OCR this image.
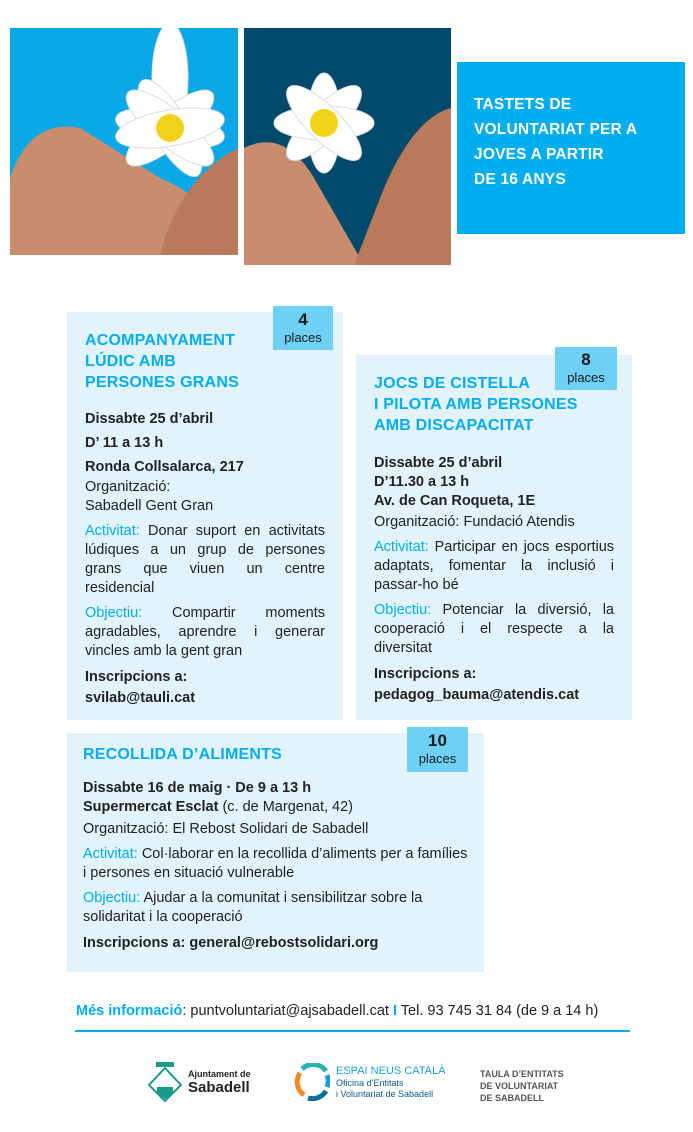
TASTETS DE
VOLUNTARIAT PER A
JOVES A PARTIR
DE 16 ANYS
ACOMPANYAMENT
LÚDIC AMB
PERSONES GRANS
Dissabte 25 d’abril
D’ 11 a 13 h
Ronda Collsalarca, 217
Organització:
Sabadell Gent Gran
Activitat: Donar suport en activitats lúdiques a un grup de persones grans que viuen un centre residencial
Objectiu: Compartir moments agradables, aprendre i generar vincles amb la gent gran
Inscripcions a:
svilab@tauli.cat
4
places
JOCS DE CISTELLA
I PILOTA AMB PERSONES
AMB DISCAPACITAT
Dissabte 25 d’abril
D’11.30 a 13 h
Av. de Can Roqueta, 1E
Organització: Fundació Atendis
Activitat: Participar en jocs esportius adaptats, fomentar la inclusió i passar-ho bé
Objectiu: Potenciar la diversió, la cooperació i el respecte a la diversitat
Inscripcions a:
pedagog_bauma@atendis.cat
8
places
RECOLLIDA D’ALIMENTS
Dissabte 16 de maig · De 9 a 13 h
Supermercat Esclat (c. de Margenat, 42)
Organització: El Rebost Solidari de Sabadell
Activitat: Col·laborar en la recollida d’aliments per a famílies i persones en situació vulnerable
Objectiu: Ajudar a la comunitat i sensibilitzar sobre la solidaritat i la cooperació
Inscripcions a: general@rebostsolidari.org
10
places
Més informació: puntvoluntariat@ajsabadell.cat I Tel. 93 745 31 84 (de 9 a 14 h)
Ajuntament de
Sabadell
ESPAI NEUS CATALÀ
Oficina d’Entitats
i Voluntariat de Sabadell
TAULA D’ENTITATS
DE VOLUNTARIAT
DE SABADELL
